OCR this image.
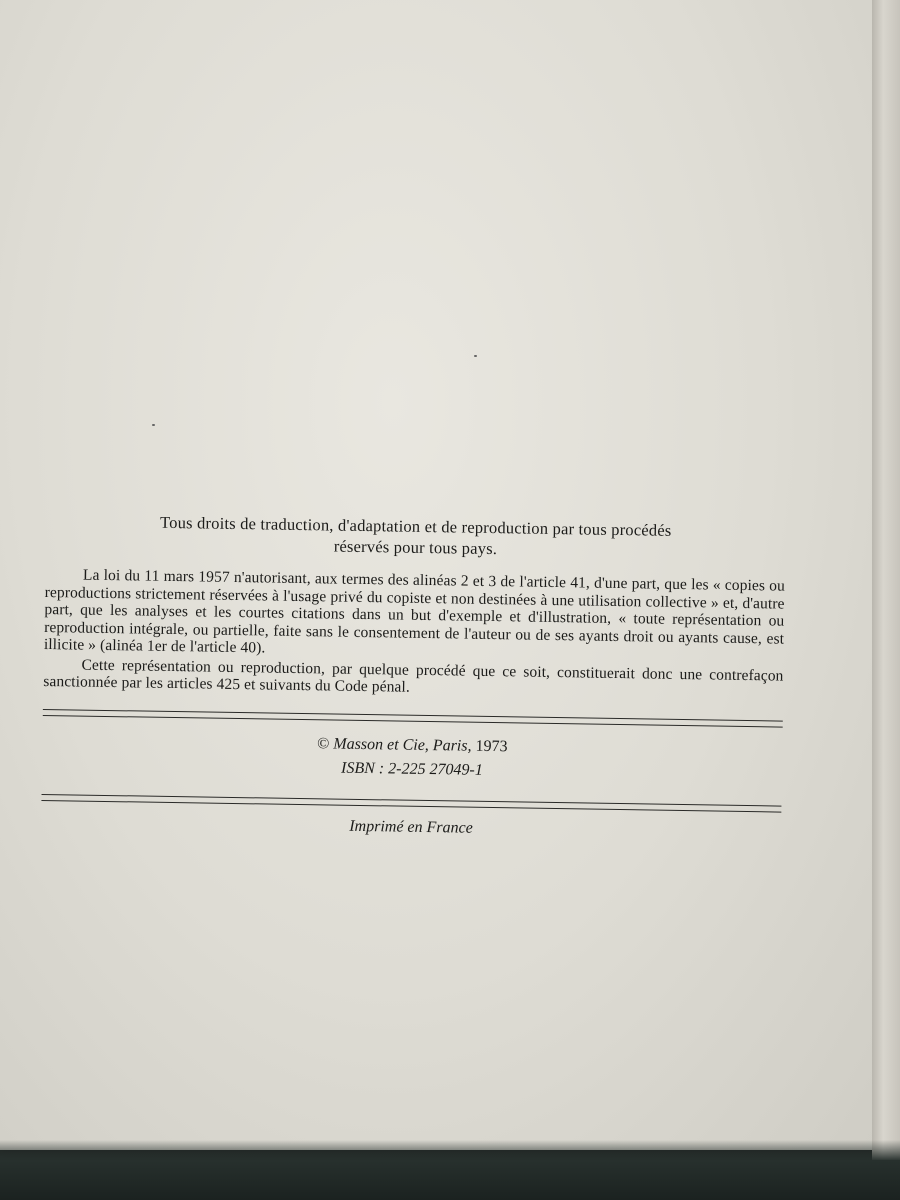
Tous droits de traduction, d'adaptation et de reproduction par tous procédés
réservés pour tous pays.

La loi du 11 mars 1957 n'autorisant, aux termes des alinéas 2 et 3 de l'article 41, d'une part, que les « copies ou reproductions strictement réservées à l'usage privé du copiste et non destinées à une utilisation collective » et, d'autre part, que les analyses et les courtes citations dans un but d'exemple et d'illustration, « toute représentation ou reproduction intégrale, ou partielle, faite sans le consentement de l'auteur ou de ses ayants droit ou ayants cause, est illicite » (alinéa 1er de l'article 40).

Cette représentation ou reproduction, par quelque procédé que ce soit, constituerait donc une contrefaçon sanctionnée par les articles 425 et suivants du Code pénal.

© Masson et Cie, Paris, 1973
ISBN : 2-225 27049-1
Imprimé en France
